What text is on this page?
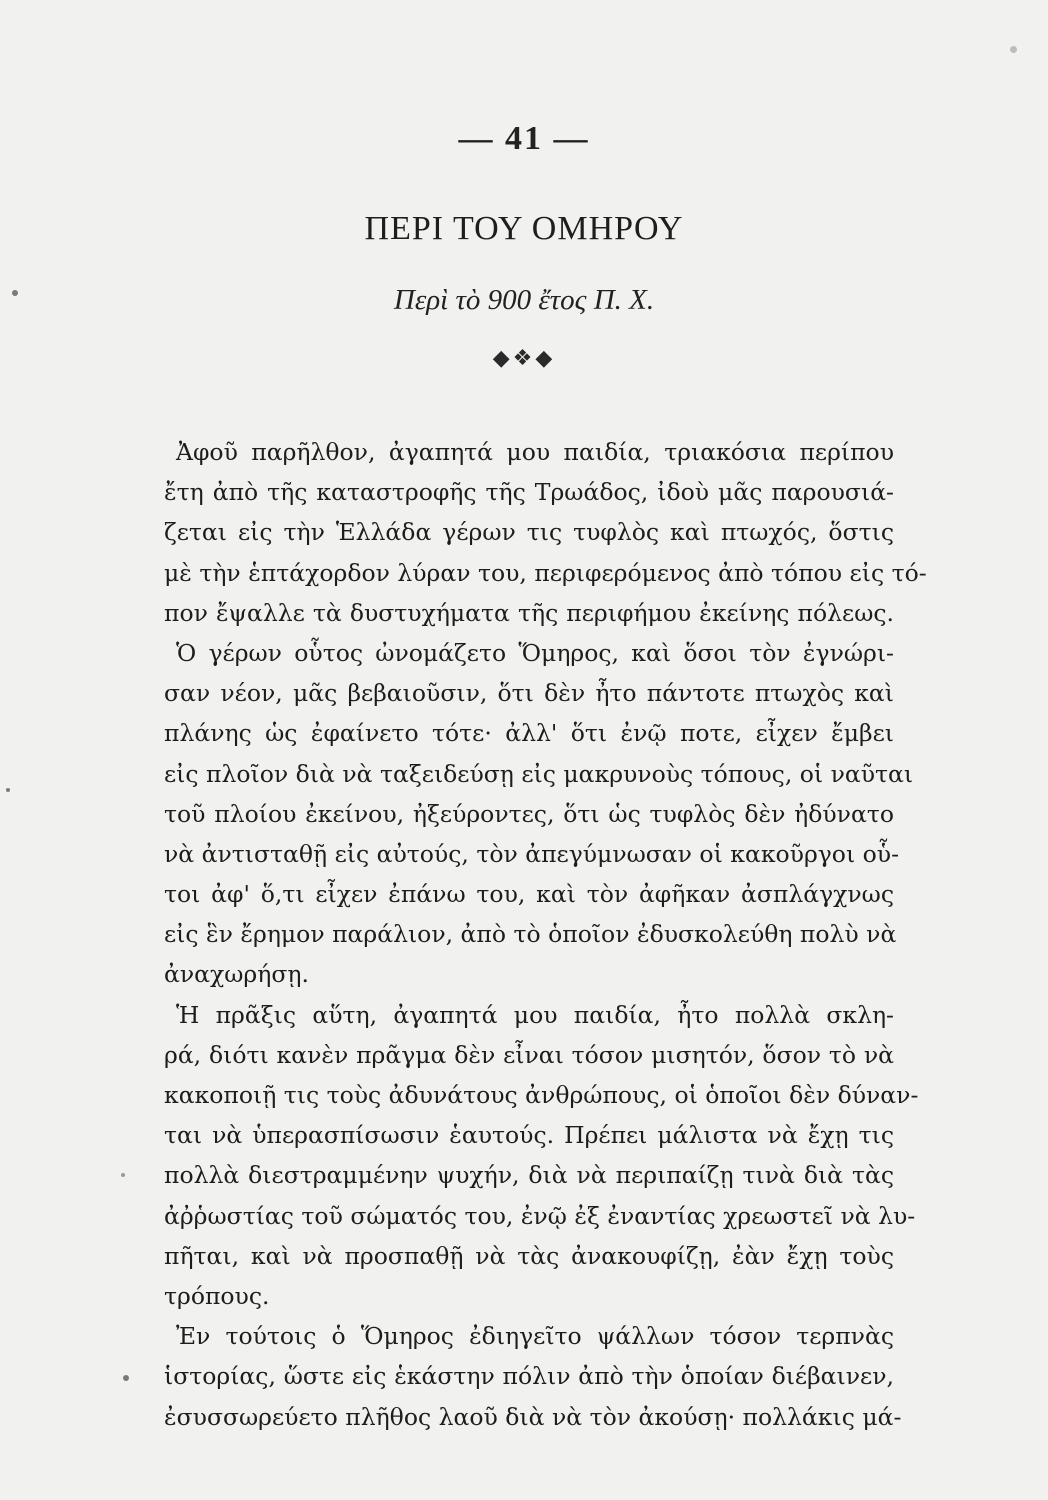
— 41 —
ΠΕΡΙ ΤΟΥ ΟΜΗΡΟΥ
Περὶ τὸ 900 ἔτος Π. Χ.
◆❖◆
Ἀφοῦ παρῆλθον, ἀγαπητά μου παιδία, τριακόσια περίπου
ἔτη ἀπὸ τῆς καταστροφῆς τῆς Τρωάδος, ἰδοὺ μᾶς παρουσιά-
ζεται εἰς τὴν Ἑλλάδα γέρων τις τυφλὸς καὶ πτωχός, ὅστις
μὲ τὴν ἑπτάχορδον λύραν του, περιφερόμενος ἀπὸ τόπου εἰς τό-
πον ἔψαλλε τὰ δυστυχήματα τῆς περιφήμου ἐκείνης πόλεως.
Ὁ γέρων οὗτος ὠνομάζετο Ὅμηρος, καὶ ὅσοι τὸν ἐγνώρι-
σαν νέον, μᾶς βεβαιοῦσιν, ὅτι δὲν ἦτο πάντοτε πτωχὸς καὶ
πλάνης ὡς ἐφαίνετο τότε· ἀλλ' ὅτι ἐνῷ ποτε, εἶχεν ἔμβει
εἰς πλοῖον διὰ νὰ ταξειδεύσῃ εἰς μακρυνοὺς τόπους, οἱ ναῦται
τοῦ πλοίου ἐκείνου, ἠξεύροντες, ὅτι ὡς τυφλὸς δὲν ἠδύνατο
νὰ ἀντισταθῇ εἰς αὐτούς, τὸν ἀπεγύμνωσαν οἱ κακοῦργοι οὗ-
τοι ἀφ' ὅ,τι εἶχεν ἐπάνω του, καὶ τὸν ἀφῆκαν ἀσπλάγχνως
εἰς ἓν ἔρημον παράλιον, ἀπὸ τὸ ὁποῖον ἐδυσκολεύθη πολὺ νὰ
ἀναχωρήσῃ.
Ἡ πρᾶξις αὕτη, ἀγαπητά μου παιδία, ἦτο πολλὰ σκλη-
ρά, διότι κανὲν πρᾶγμα δὲν εἶναι τόσον μισητόν, ὅσον τὸ νὰ
κακοποιῇ τις τοὺς ἀδυνάτους ἀνθρώπους, οἱ ὁποῖοι δὲν δύναν-
ται νὰ ὑπερασπίσωσιν ἑαυτούς. Πρέπει μάλιστα νὰ ἔχῃ τις
πολλὰ διεστραμμένην ψυχήν, διὰ νὰ περιπαίζῃ τινὰ διὰ τὰς
ἀῤῥωστίας τοῦ σώματός του, ἐνῷ ἐξ ἐναντίας χρεωστεῖ νὰ λυ-
πῆται, καὶ νὰ προσπαθῇ νὰ τὰς ἀνακουφίζῃ, ἐὰν ἔχῃ τοὺς
τρόπους.
Ἐν τούτοις ὁ Ὅμηρος ἐδιηγεῖτο ψάλλων τόσον τερπνὰς
ἱστορίας, ὥστε εἰς ἑκάστην πόλιν ἀπὸ τὴν ὁποίαν διέβαινεν,
ἐσυσσωρεύετο πλῆθος λαοῦ διὰ νὰ τὸν ἀκούσῃ· πολλάκις μά-
